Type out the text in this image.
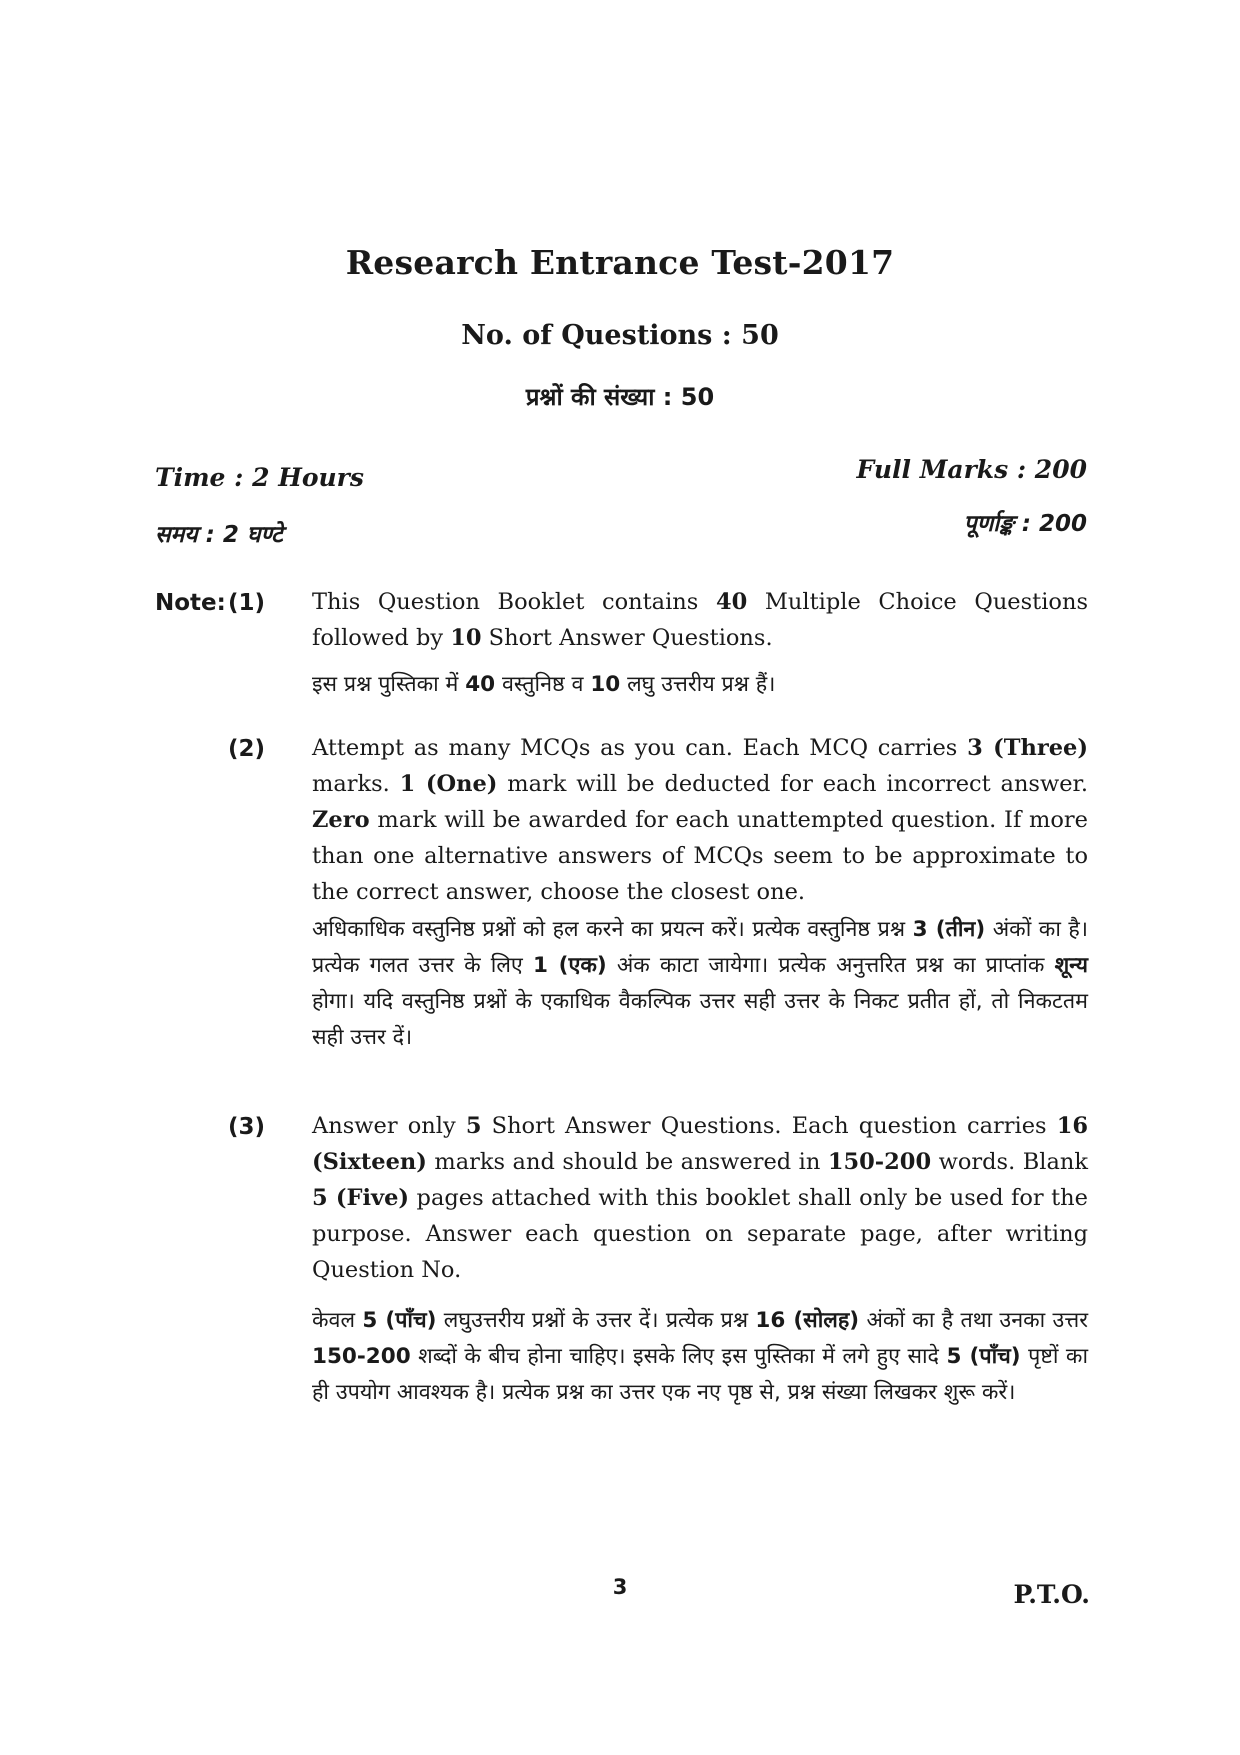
Research Entrance Test-2017
No. of Questions : 50
प्रश्नों की संख्या : 50
Time : 2 Hours
समय : 2 घण्टे
Full Marks : 200
पूर्णाङ्क : 200
Note: (1) This Question Booklet contains 40 Multiple Choice Questions followed by 10 Short Answer Questions.
इस प्रश्न पुस्तिका में 40 वस्तुनिष्ठ व 10 लघु उत्तरीय प्रश्न हैं।
(2) Attempt as many MCQs as you can. Each MCQ carries 3 (Three) marks. 1 (One) mark will be deducted for each incorrect answer. Zero mark will be awarded for each unattempted question. If more than one alternative answers of MCQs seem to be approximate to the correct answer, choose the closest one.
अधिकाधिक वस्तुनिष्ठ प्रश्नों को हल करने का प्रयत्न करें। प्रत्येक वस्तुनिष्ठ प्रश्न 3 (तीन) अंकों का है। प्रत्येक गलत उत्तर के लिए 1 (एक) अंक काटा जायेगा। प्रत्येक अनुत्तरित प्रश्न का प्राप्तांक शून्य होगा। यदि वस्तुनिष्ठ प्रश्नों के एकाधिक वैकल्पिक उत्तर सही उत्तर के निकट प्रतीत हों, तो निकटतम सही उत्तर दें।
(3) Answer only 5 Short Answer Questions. Each question carries 16 (Sixteen) marks and should be answered in 150-200 words. Blank 5 (Five) pages attached with this booklet shall only be used for the purpose. Answer each question on separate page, after writing Question No.
केवल 5 (पाँच) लघुउत्तरीय प्रश्नों के उत्तर दें। प्रत्येक प्रश्न 16 (सोलह) अंकों का है तथा उनका उत्तर 150-200 शब्दों के बीच होना चाहिए। इसके लिए इस पुस्तिका में लगे हुए सादे 5 (पाँच) पृष्टों का ही उपयोग आवश्यक है। प्रत्येक प्रश्न का उत्तर एक नए पृष्ठ से, प्रश्न संख्या लिखकर शुरू करें।
3	P.T.O.
